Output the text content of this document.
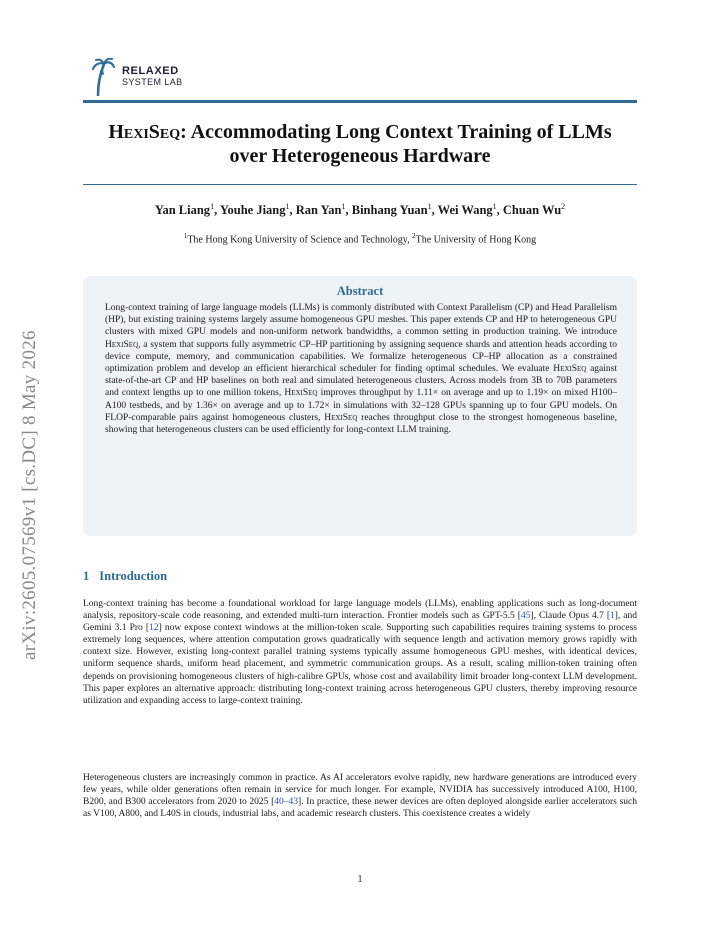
RELAXED
SYSTEM LAB
HexiSeq: Accommodating Long Context Training of LLMs
over Heterogeneous Hardware

Yan Liang$^1$, Youhe Jiang$^1$, Ran Yan$^1$, Binhang Yuan$^1$, Wei Wang$^1$, Chuan Wu$^2$

$^1$The Hong Kong University of Science and Technology, $^2$The University of Hong Kong

arXiv:2605.07569v1 [cs.DC] 8 May 2026
Abstract

Long-context training of large language models (LLMs) is commonly distributed with Context Parallelism (CP) and Head Parallelism (HP), but existing training systems largely assume homogeneous GPU meshes. This paper extends CP and HP to heterogeneous GPU clusters with mixed GPU models and non-uniform network bandwidths, a common setting in production training. We introduce HexiSeq, a system that supports fully asymmetric CP–HP partitioning by assigning sequence shards and attention heads according to device compute, memory, and communication capabilities. We formalize heterogeneous CP–HP allocation as a constrained optimization problem and develop an efficient hierarchical scheduler for finding optimal schedules. We evaluate HexiSeq against state-of-the-art CP and HP baselines on both real and simulated heterogeneous clusters. Across models from 3B to 70B parameters and context lengths up to one million tokens, HexiSeq improves throughput by 1.11× on average and up to 1.19× on mixed H100–A100 testbeds, and by 1.36× on average and up to 1.72× in simulations with 32–128 GPUs spanning up to four GPU models. On FLOP-comparable pairs against homogeneous clusters, HexiSeq reaches throughput close to the strongest homogeneous baseline, showing that heterogeneous clusters can be used efficiently for long-context LLM training.

1 Introduction

Long-context training has become a foundational workload for large language models (LLMs), enabling applications such as long-document analysis, repository-scale code reasoning, and extended multi-turn interaction. Frontier models such as GPT-5.5 [45], Claude Opus 4.7 [1], and Gemini 3.1 Pro [12] now expose context windows at the million-token scale. Supporting such capabilities requires training systems to process extremely long sequences, where attention computation grows quadratically with sequence length and activation memory grows rapidly with context size. However, existing long-context parallel training systems typically assume homogeneous GPU meshes, with identical devices, uniform sequence shards, uniform head placement, and symmetric communication groups. As a result, scaling million-token training often depends on provisioning homogeneous clusters of high-calibre GPUs, whose cost and availability limit broader long-context LLM development. This paper explores an alternative approach: distributing long-context training across heterogeneous GPU clusters, thereby improving resource utilization and expanding access to large-context training.

Heterogeneous clusters are increasingly common in practice. As AI accelerators evolve rapidly, new hardware generations are introduced every few years, while older generations often remain in service for much longer. For example, NVIDIA has successively introduced A100, H100, B200, and B300 accelerators from 2020 to 2025 [40–43]. In practice, these newer devices are often deployed alongside earlier accelerators such as V100, A800, and L40S in clouds, industrial labs, and academic research clusters. This coexistence creates a widely

1
